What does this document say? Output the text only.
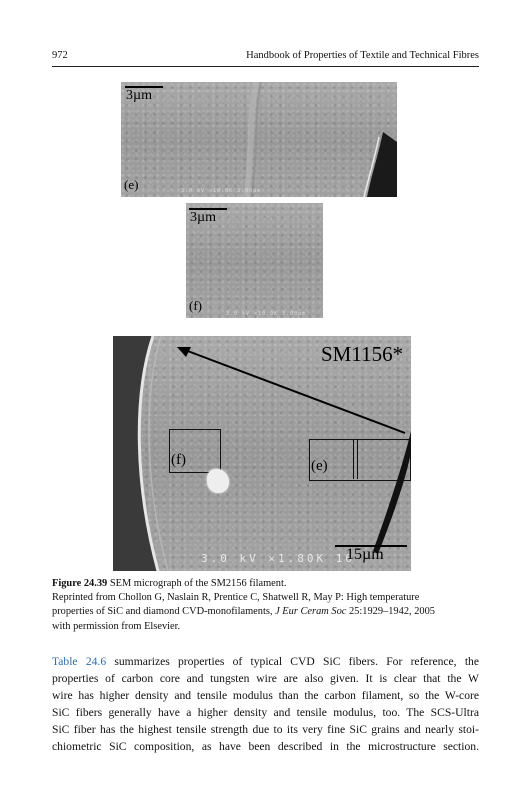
972	Handbook of Properties of Textile and Technical Fibres
3µm
(e)	3.0 kV ×10.0K 3.00µm
3µm
(f)
3.0 kV ×10.0K 3.00µm
SM1156*
(f)	(e)
3.0 kV ×1.80K 16
15µm
Figure 24.39 SEM micrograph of the SM2156 filament.
Reprinted from Chollon G, Naslain R, Prentice C, Shatwell R, May P: High temperature
properties of SiC and diamond CVD-monofilaments, J Eur Ceram Soc 25:1929–1942, 2005
with permission from Elsevier.
Table 24.6 summarizes properties of typical CVD SiC fibers. For reference, the
properties of carbon core and tungsten wire are also given. It is clear that the W
wire has higher density and tensile modulus than the carbon filament, so the W-core
SiC fibers generally have a higher density and tensile modulus, too. The SCS-Ultra
SiC fiber has the highest tensile strength due to its very fine SiC grains and nearly stoi-
chiometric SiC composition, as have been described in the microstructure section.
